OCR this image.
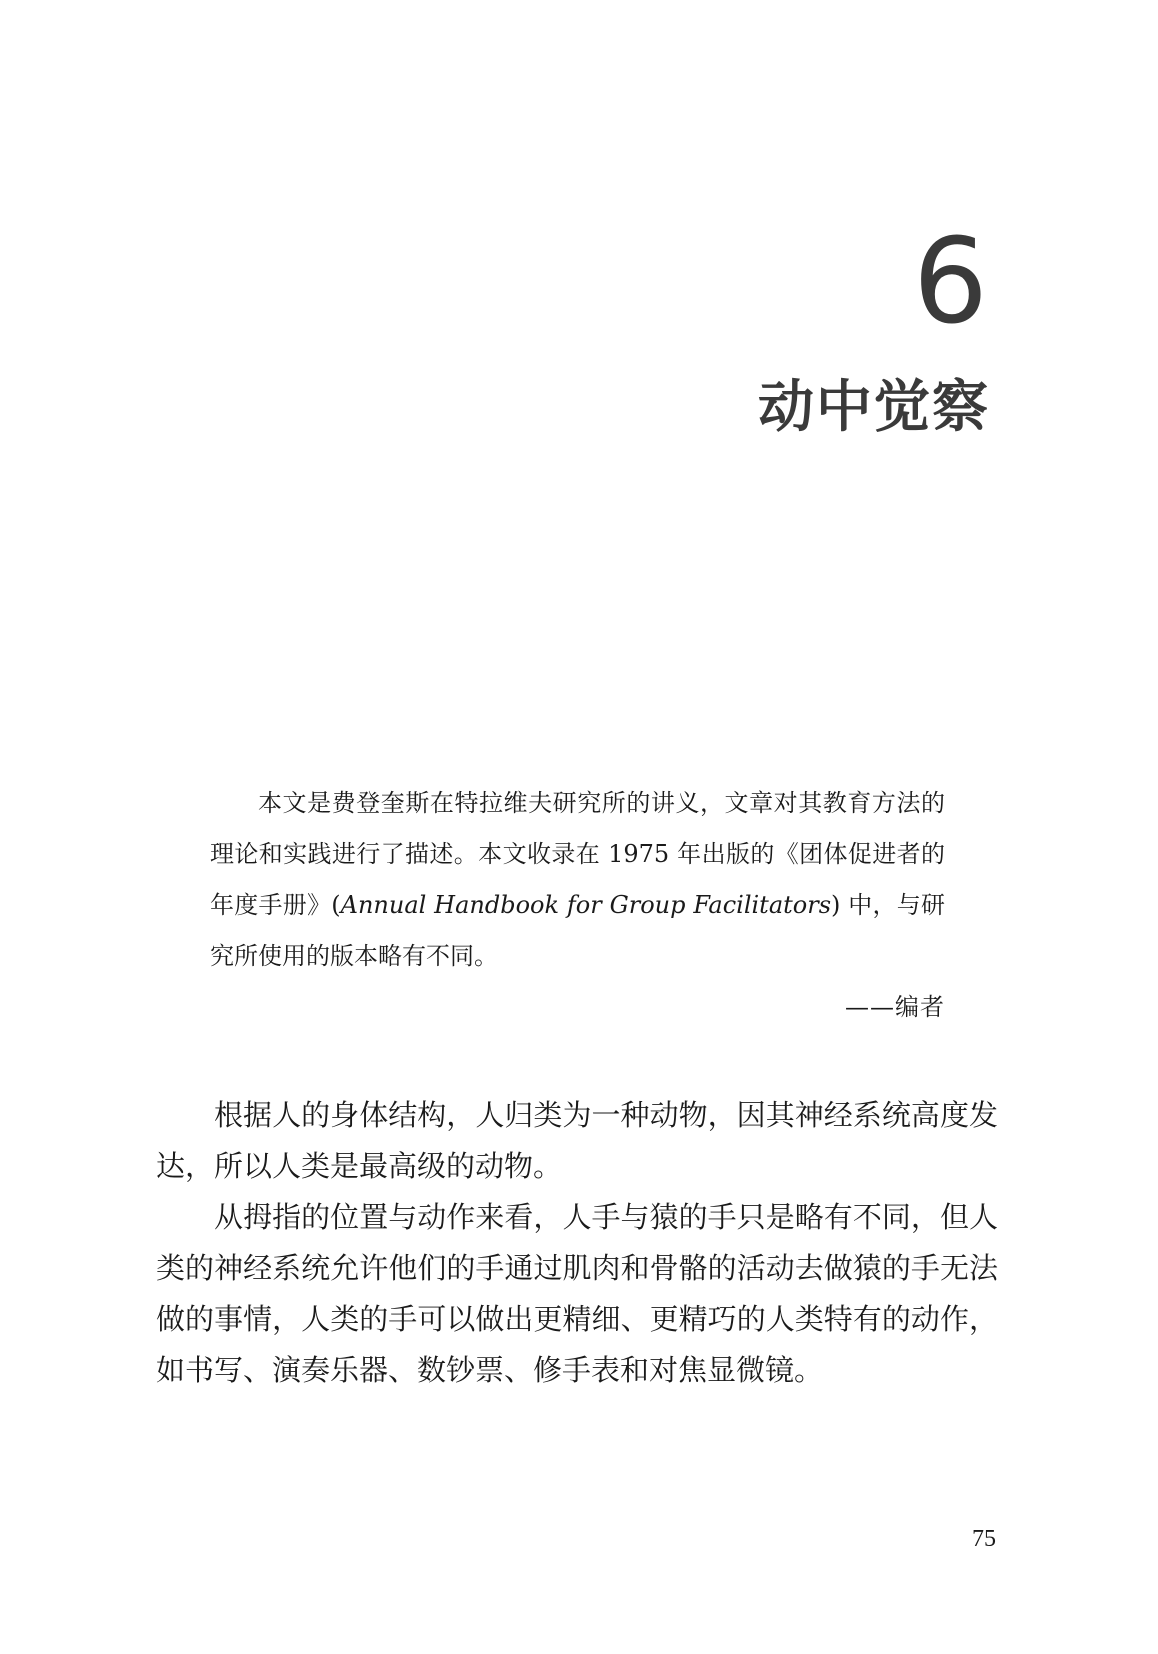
6
动中觉察

本文是费登奎斯在特拉维夫研究所的讲义，文章对其教育方法的理论和实践进行了描述。本文收录在 1975 年出版的《团体促进者的年度手册》(Annual Handbook for Group Facilitators) 中，与研究所使用的版本略有不同。

——编者

根据人的身体结构，人归类为一种动物，因其神经系统高度发达，所以人类是最高级的动物。

从拇指的位置与动作来看，人手与猿的手只是略有不同，但人类的神经系统允许他们的手通过肌肉和骨骼的活动去做猿的手无法做的事情，人类的手可以做出更精细、更精巧的人类特有的动作，如书写、演奏乐器、数钞票、修手表和对焦显微镜。

75
